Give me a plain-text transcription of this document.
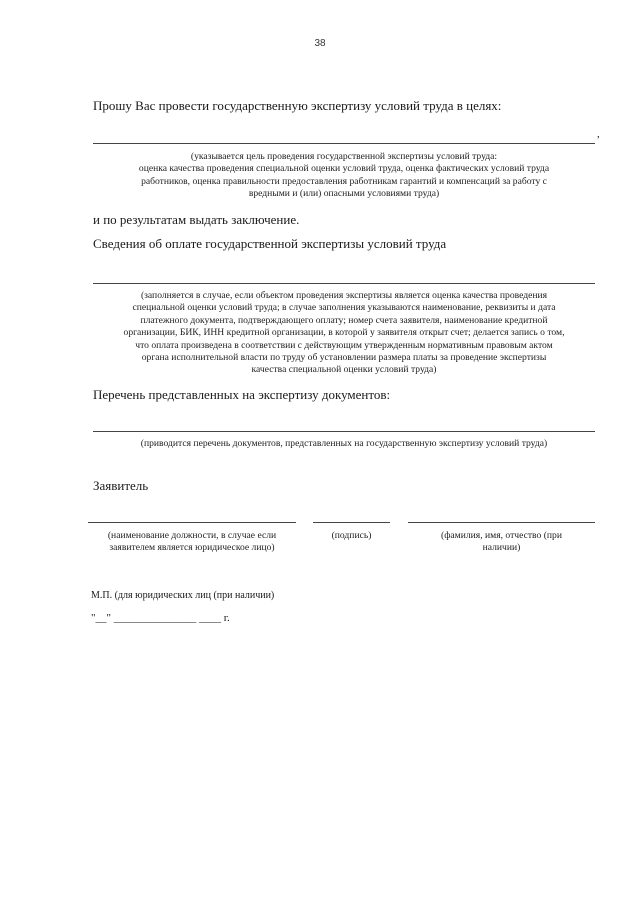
38
Прошу Вас провести государственную экспертизу условий труда в целях:
,
(указывается цель проведения государственной экспертизы условий труда:
оценка качества проведения специальной оценки условий труда, оценка фактических условий труда
работников, оценка правильности предоставления работникам гарантий и компенсаций за работу с
вредными и (или) опасными условиями труда)
и по результатам выдать заключение.
Сведения об оплате государственной экспертизы условий труда
(заполняется в случае, если объектом проведения экспертизы является оценка качества проведения
специальной оценки условий труда; в случае заполнения указываются наименование, реквизиты и дата
платежного документа, подтверждающего оплату; номер счета заявителя, наименование кредитной
организации, БИК, ИНН кредитной организации, в которой у заявителя открыт счет; делается запись о том,
что оплата произведена в соответствии с действующим утвержденным нормативным правовым актом
органа исполнительной власти по труду об установлении размера платы за проведение экспертизы
качества специальной оценки условий труда)
Перечень представленных на экспертизу документов:
(приводится перечень документов, представленных на государственную экспертизу условий труда)
Заявитель
(наименование должности, в случае если
заявителем является юридическое лицо)
(подпись)	(фамилия, имя, отчество (при
наличии)
М.П. (для юридических лиц (при наличии)
"__" _______________ ____ г.
